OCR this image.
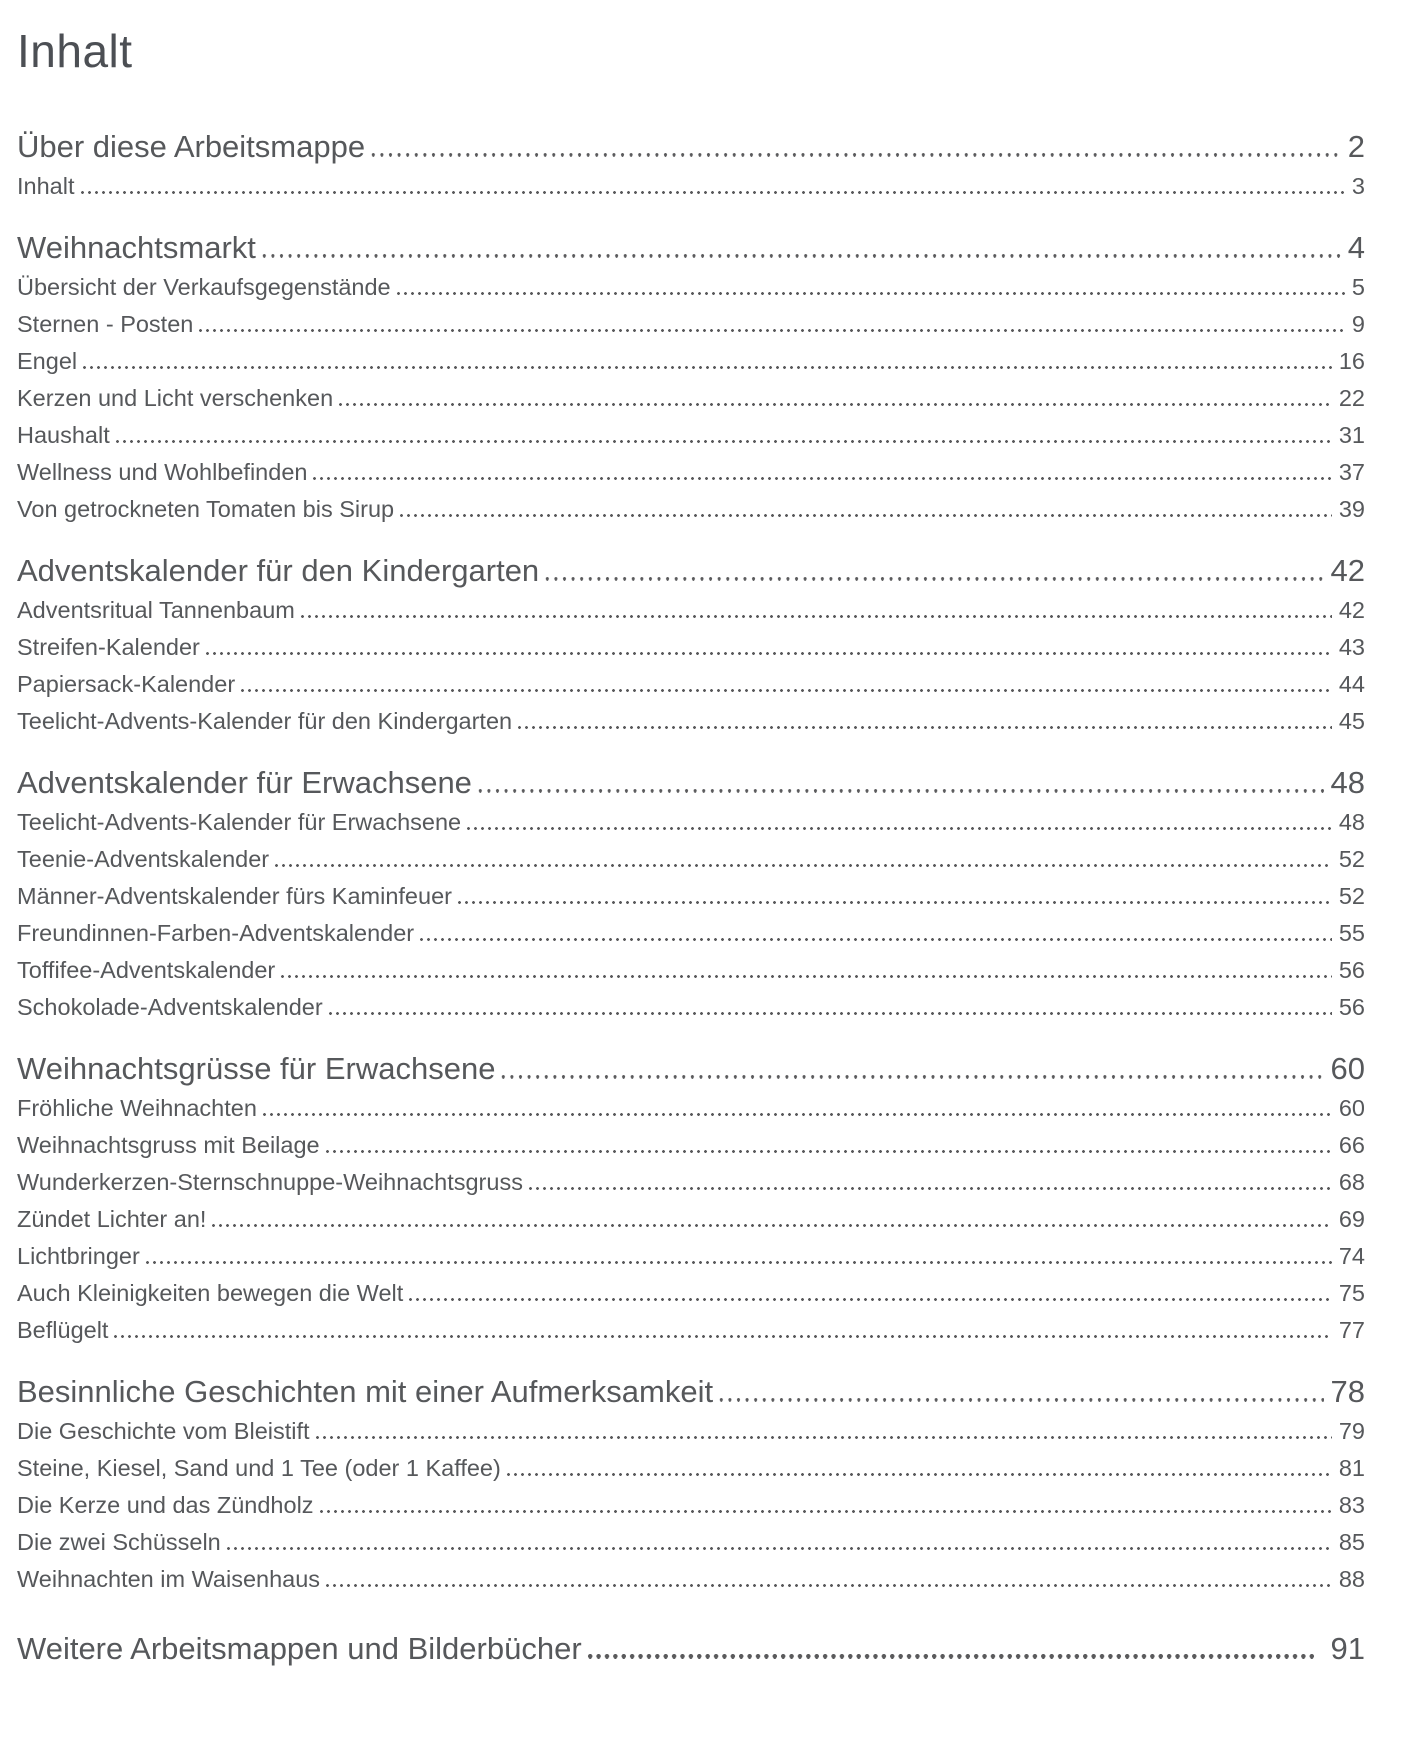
Inhalt
Über diese Arbeitsmappe	2
Inhalt	3
Weihnachtsmarkt	4
Übersicht der Verkaufsgegenstände	5
Sternen - Posten	9
Engel	16
Kerzen und Licht verschenken	22
Haushalt	31
Wellness und Wohlbefinden	37
Von getrockneten Tomaten bis Sirup	39
Adventskalender für den Kindergarten	42
Adventsritual Tannenbaum	42
Streifen-Kalender	43
Papiersack-Kalender	44
Teelicht-Advents-Kalender für den Kindergarten	45
Adventskalender für Erwachsene	48
Teelicht-Advents-Kalender für Erwachsene	48
Teenie-Adventskalender	52
Männer-Adventskalender fürs Kaminfeuer	52
Freundinnen-Farben-Adventskalender	55
Toffifee-Adventskalender	56
Schokolade-Adventskalender	56
Weihnachtsgrüsse für Erwachsene	60
Fröhliche Weihnachten	60
Weihnachtsgruss mit Beilage	66
Wunderkerzen-Sternschnuppe-Weihnachtsgruss	68
Zündet Lichter an!	69
Lichtbringer	74
Auch Kleinigkeiten bewegen die Welt	75
Beflügelt	77
Besinnliche Geschichten mit einer Aufmerksamkeit	78
Die Geschichte vom Bleistift	79
Steine, Kiesel, Sand und 1 Tee (oder 1 Kaffee)	81
Die Kerze und das Zündholz	83
Die zwei Schüsseln	85
Weihnachten im Waisenhaus	88
Weitere Arbeitsmappen und Bilderbücher	91
